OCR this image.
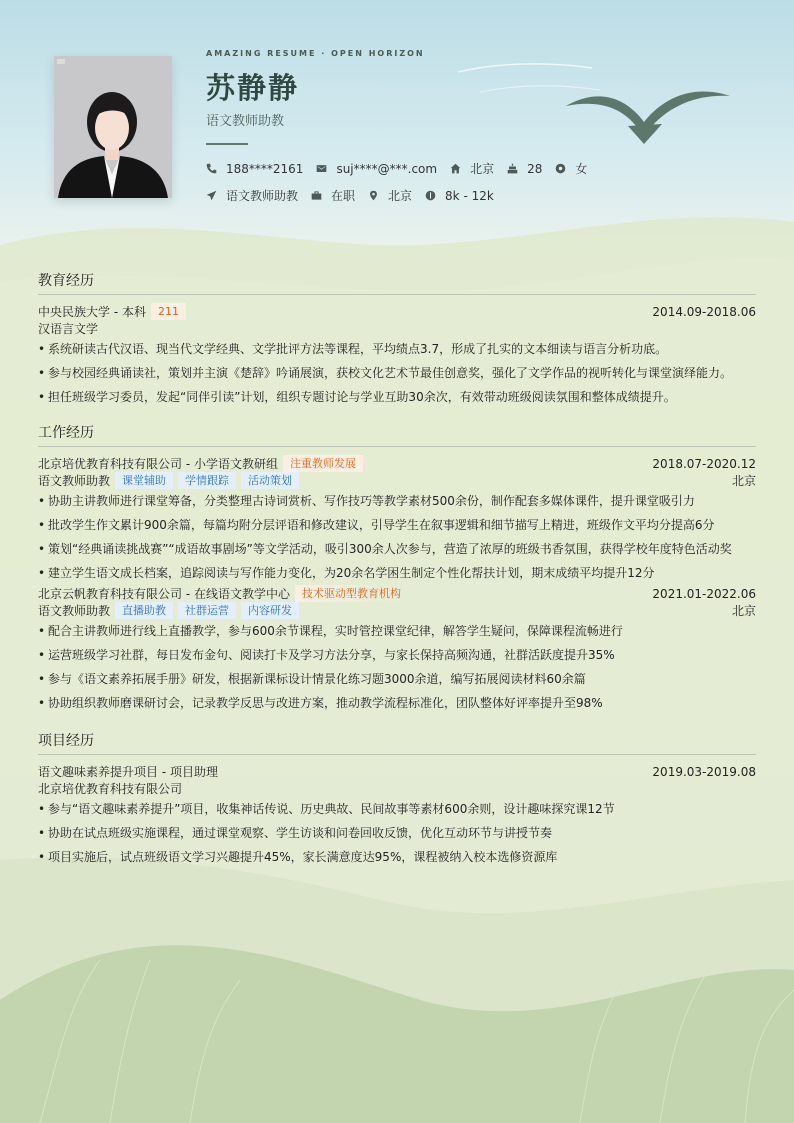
AMAZING RESUME · OPEN HORIZON
苏静静
语文教师助教
188****2161	suj****@***.com	北京	28	女
语文教师助教	在职	北京	8k - 12k
教育经历
中央民族大学 - 本科	211	2014.09-2018.06
汉语言文学
• 系统研读古代汉语、现当代文学经典、文学批评方法等课程，平均绩点3.7，形成了扎实的文本细读与语言分析功底。
• 参与校园经典诵读社，策划并主演《楚辞》吟诵展演，获校文化艺术节最佳创意奖，强化了文学作品的视听转化与课堂演绎能力。
• 担任班级学习委员，发起“同伴引读”计划，组织专题讨论与学业互助30余次，有效带动班级阅读氛围和整体成绩提升。
工作经历
北京培优教育科技有限公司 - 小学语文教研组	注重教师发展	2018.07-2020.12
语文教师助教	课堂辅助	学情跟踪	活动策划	北京
• 协助主讲教师进行课堂筹备，分类整理古诗词赏析、写作技巧等教学素材500余份，制作配套多媒体课件，提升课堂吸引力
• 批改学生作文累计900余篇，每篇均附分层评语和修改建议，引导学生在叙事逻辑和细节描写上精进，班级作文平均分提高6分
• 策划“经典诵读挑战赛”“成语故事剧场”等文学活动，吸引300余人次参与，营造了浓厚的班级书香氛围，获得学校年度特色活动奖
• 建立学生语文成长档案，追踪阅读与写作能力变化，为20余名学困生制定个性化帮扶计划，期末成绩平均提升12分
北京云帆教育科技有限公司 - 在线语文教学中心	技术驱动型教育机构	2021.01-2022.06
语文教师助教	直播助教	社群运营	内容研发	北京
• 配合主讲教师进行线上直播教学，参与600余节课程，实时管控课堂纪律，解答学生疑问，保障课程流畅进行
• 运营班级学习社群，每日发布金句、阅读打卡及学习方法分享，与家长保持高频沟通，社群活跃度提升35%
• 参与《语文素养拓展手册》研发，根据新课标设计情景化练习题3000余道，编写拓展阅读材料60余篇
• 协助组织教师磨课研讨会，记录教学反思与改进方案，推动教学流程标准化，团队整体好评率提升至98%
项目经历
语文趣味素养提升项目 - 项目助理	2019.03-2019.08
北京培优教育科技有限公司
• 参与“语文趣味素养提升”项目，收集神话传说、历史典故、民间故事等素材600余则，设计趣味探究课12节
• 协助在试点班级实施课程，通过课堂观察、学生访谈和问卷回收反馈，优化互动环节与讲授节奏
• 项目实施后，试点班级语文学习兴趣提升45%，家长满意度达95%，课程被纳入校本选修资源库
